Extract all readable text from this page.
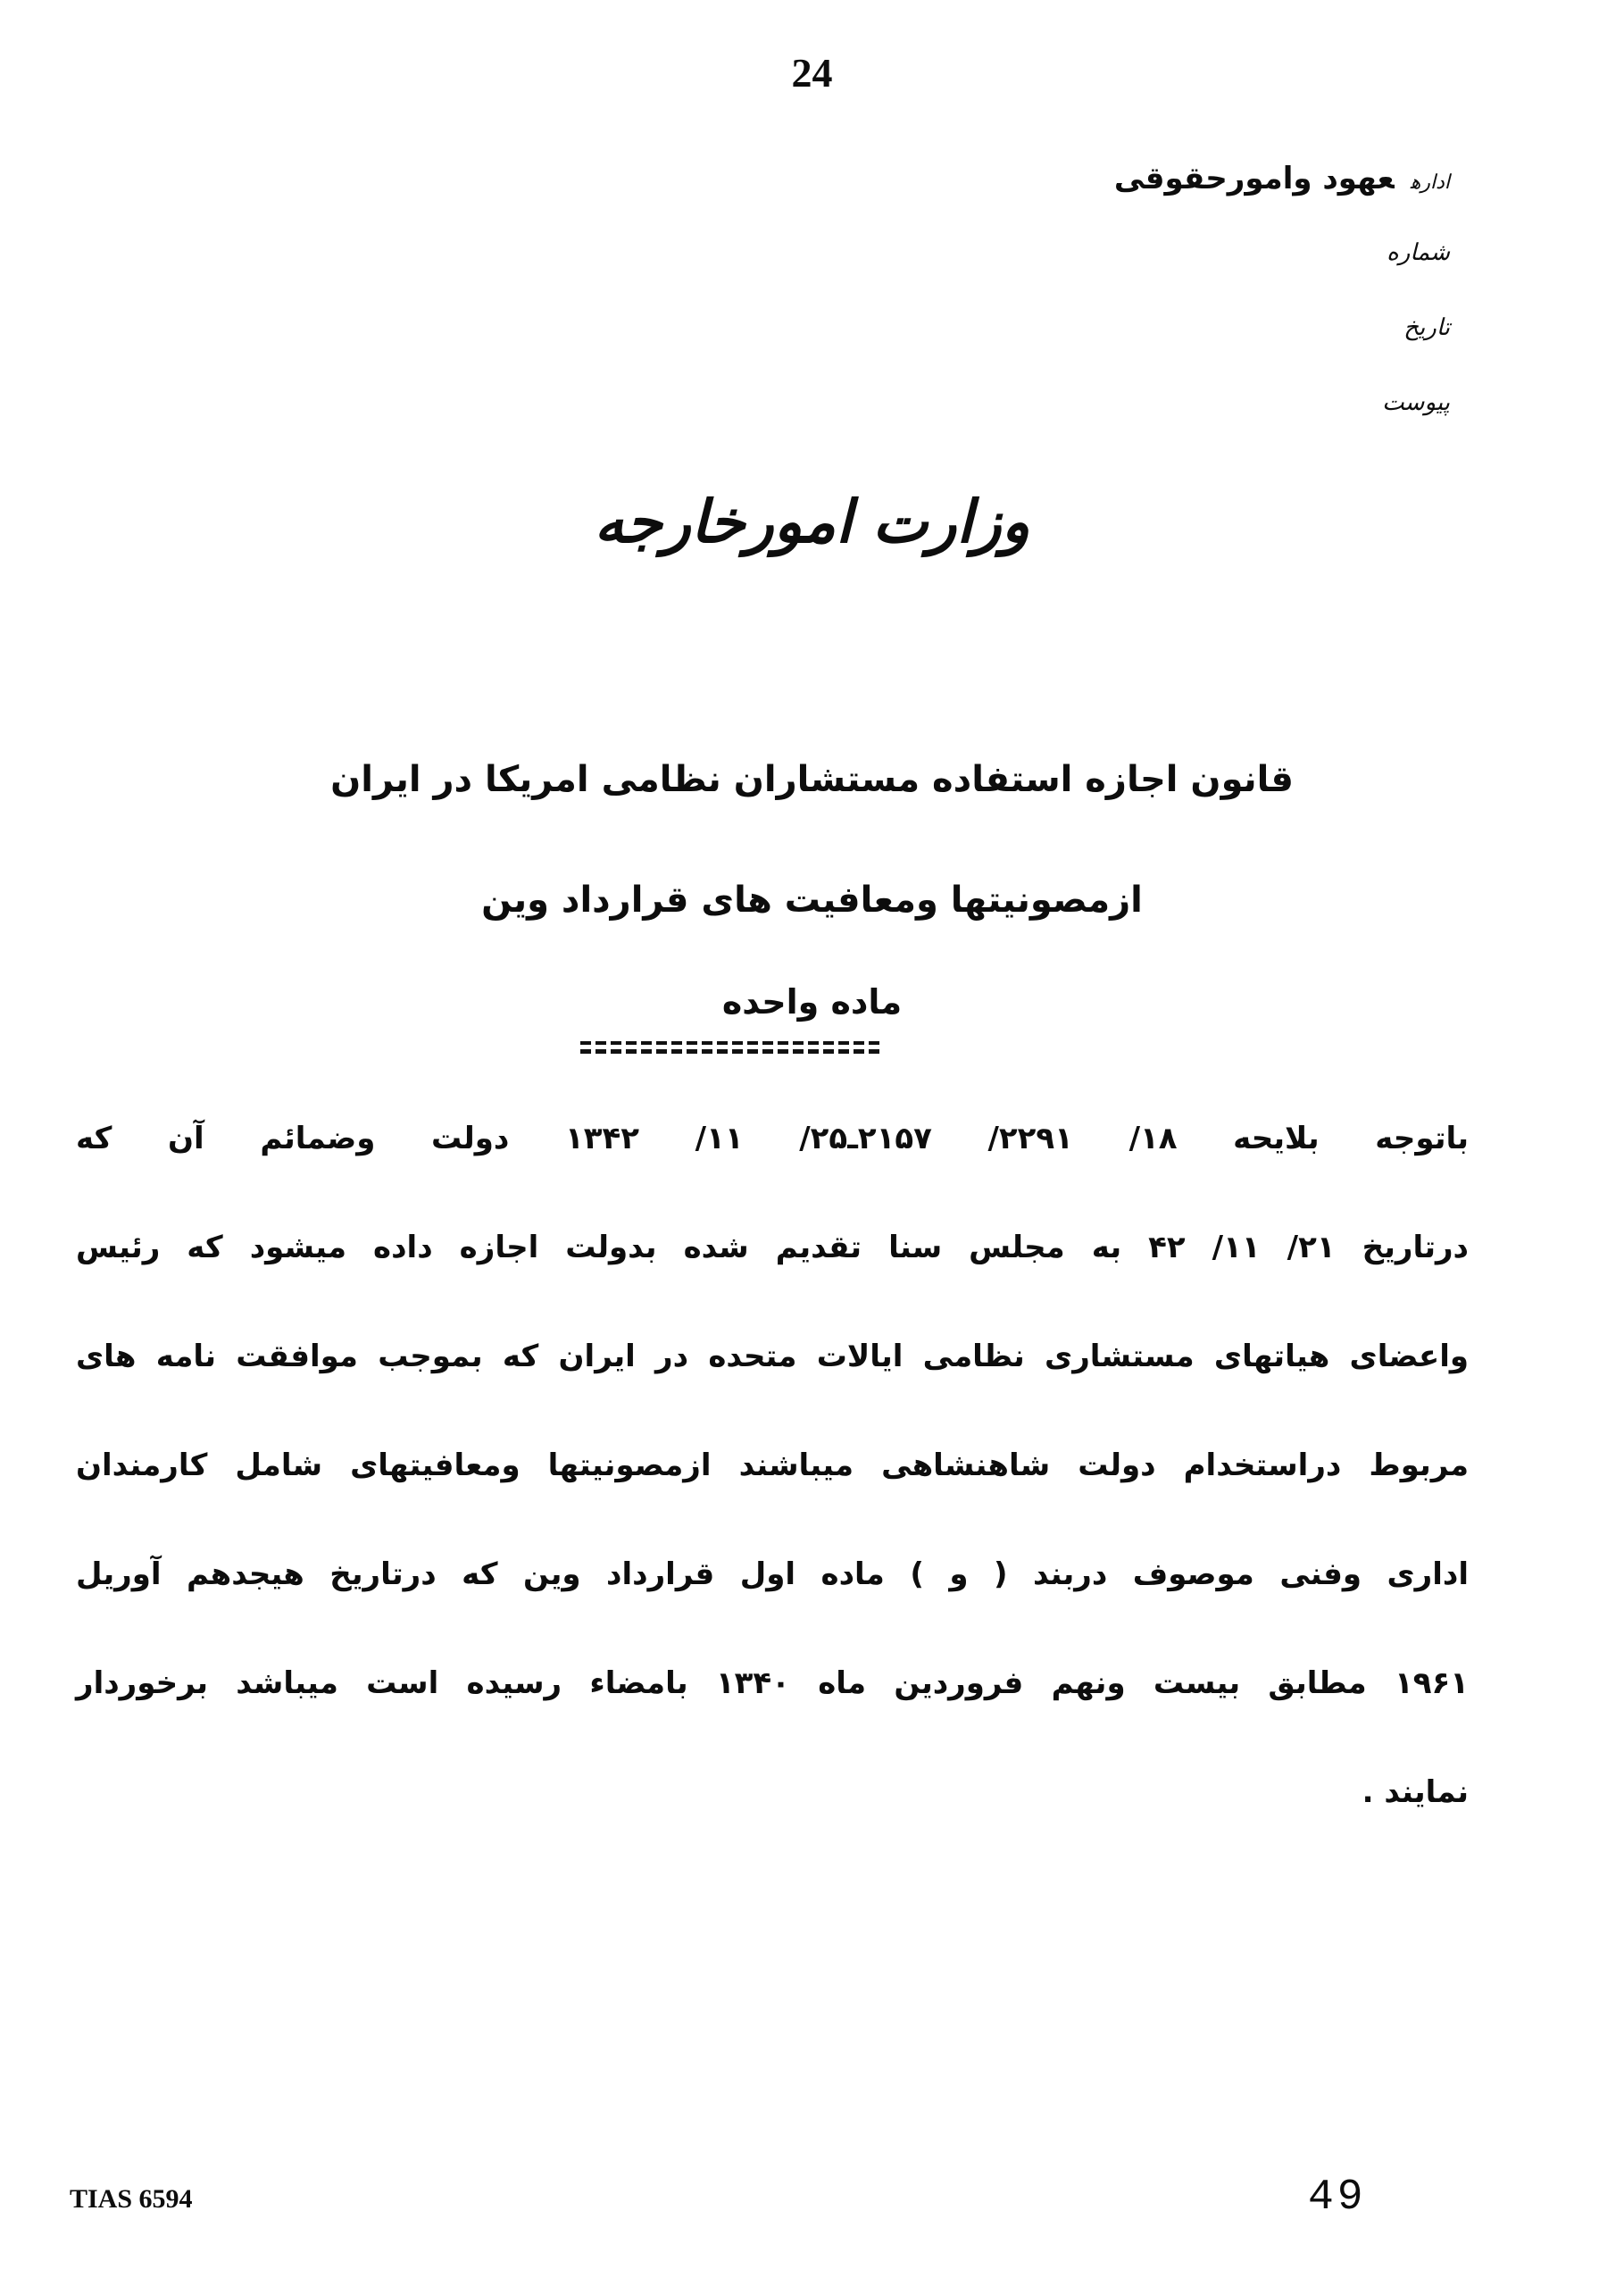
24
ادارهعهود وامورحقوقی
شماره
تاریخ
پیوست
وزارت امورخارجه
قانون اجازه استفاده مستشاران نظامی امریکا در ایران
ازمصونیتها ومعافیت های قرارداد وین
ماده واحده
باتوجه بلایحه ۱۸/ ۲۲۹۱/ ۲۱۵۷ـ۲۵/ ۱۱/ ۱۳۴۲ دولت وضمائم آن که
درتاریخ ۲۱/ ۱۱/ ۴۲ به مجلس سنا تقدیم شده بدولت اجازه داده میشود که رئیس
واعضای هیاتهای مستشاری نظامی ایالات متحده در ایران که بموجب موافقت نامه های
مربوط دراستخدام دولت شاهنشاهی میباشند ازمصونیتها ومعافیتهای شامل کارمندان
اداری وفنی موصوف دربند ( و ) ماده اول قرارداد وین که درتاریخ هیجدهم آوریل
۱۹۶۱ مطابق بیست ونهم فروردین ماه ۱۳۴۰ بامضاء رسیده است میباشد برخوردار
نمایند .
TIAS 6594	49
